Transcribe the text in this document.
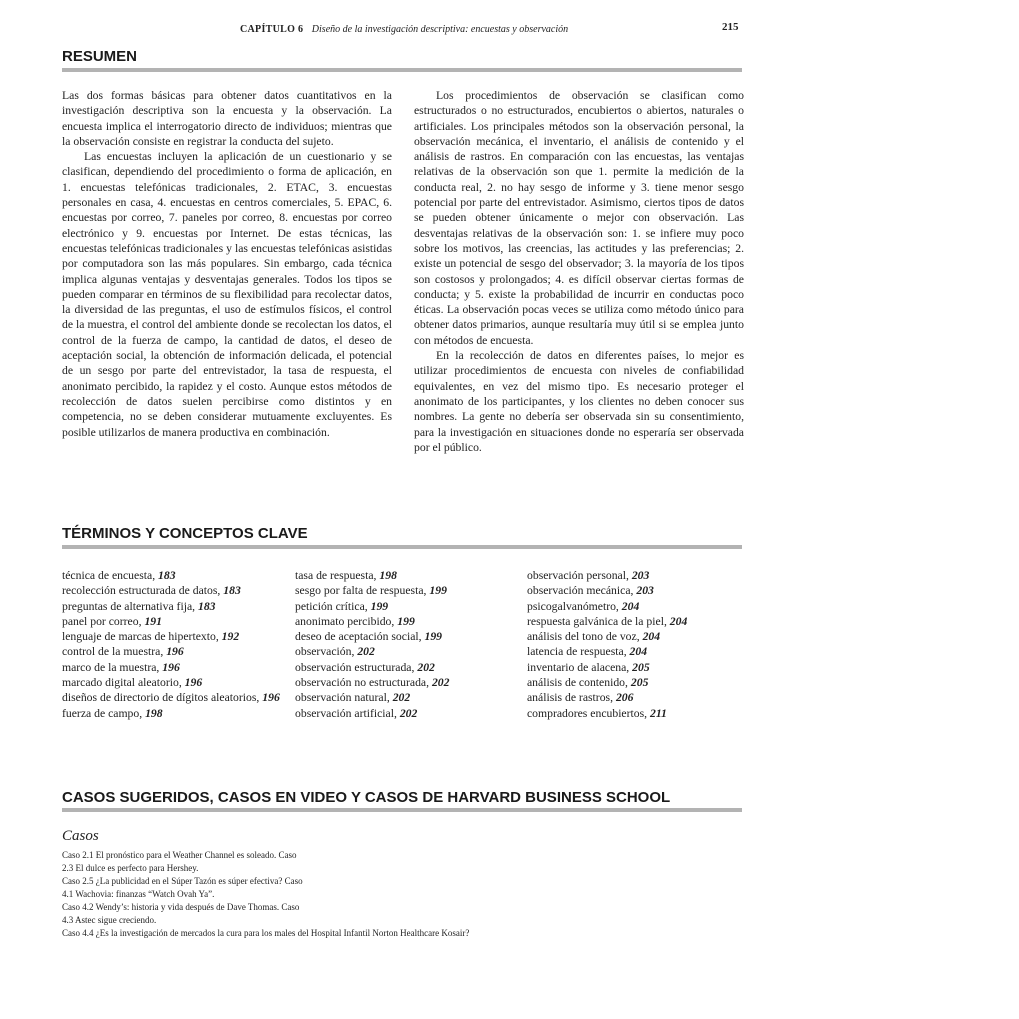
CAPÍTULO 6 Diseño de la investigación descriptiva: encuestas y observación	215
RESUMEN

Las dos formas básicas para obtener datos cuantitativos en la investigación descriptiva son la encuesta y la observación. La encuesta implica el interrogatorio directo de individuos; mientras que la observación consiste en registrar la conducta del sujeto.

Las encuestas incluyen la aplicación de un cuestionario y se clasifican, dependiendo del procedimiento o forma de aplicación, en 1. encuestas telefónicas tradicionales, 2. ETAC, 3. encuestas personales en casa, 4. encuestas en centros comerciales, 5. EPAC, 6. encuestas por correo, 7. paneles por correo, 8. encuestas por correo electrónico y 9. encuestas por Internet. De estas técnicas, las encuestas telefónicas tradicionales y las encuestas telefónicas asistidas por computadora son las más populares. Sin embargo, cada técnica implica algunas ventajas y desventajas generales. Todos los tipos se pueden comparar en términos de su flexibilidad para recolectar datos, la diversidad de las preguntas, el uso de estímulos físicos, el control de la muestra, el control del ambiente donde se recolectan los datos, el control de la fuerza de campo, la cantidad de datos, el deseo de aceptación social, la obtención de información delicada, el potencial de un sesgo por parte del entrevistador, la tasa de respuesta, el anonimato percibido, la rapidez y el costo. Aunque estos métodos de recolección de datos suelen percibirse como distintos y en competencia, no se deben considerar mutuamente excluyentes. Es posible utilizarlos de manera productiva en combinación.

Los procedimientos de observación se clasifican como estructurados o no estructurados, encubiertos o abiertos, naturales o artificiales. Los principales métodos son la observación personal, la observación mecánica, el inventario, el análisis de contenido y el análisis de rastros. En comparación con las encuestas, las ventajas relativas de la observación son que 1. permite la medición de la conducta real, 2. no hay sesgo de informe y 3. tiene menor sesgo potencial por parte del entrevistador. Asimismo, ciertos tipos de datos se pueden obtener únicamente o mejor con observación. Las desventajas relativas de la observación son: 1. se infiere muy poco sobre los motivos, las creencias, las actitudes y las preferencias; 2. existe un potencial de sesgo del observador; 3. la mayoría de los tipos son costosos y prolongados; 4. es difícil observar ciertas formas de conducta; y 5. existe la probabilidad de incurrir en conductas poco éticas. La observación pocas veces se utiliza como método único para obtener datos primarios, aunque resultaría muy útil si se emplea junto con métodos de encuesta.

En la recolección de datos en diferentes países, lo mejor es utilizar procedimientos de encuesta con niveles de confiabilidad equivalentes, en vez del mismo tipo. Es necesario proteger el anonimato de los participantes, y los clientes no deben conocer sus nombres. La gente no debería ser observada sin su consentimiento, para la investigación en situaciones donde no esperaría ser observada por el público.

TÉRMINOS Y CONCEPTOS CLAVE
técnica de encuesta, 183
recolección estructurada de datos, 183
preguntas de alternativa fija, 183
panel por correo, 191
lenguaje de marcas de hipertexto, 192
control de la muestra, 196
marco de la muestra, 196
marcado digital aleatorio, 196
diseños de directorio de dígitos aleatorios, 196
fuerza de campo, 198
tasa de respuesta, 198
sesgo por falta de respuesta, 199
petición crítica, 199
anonimato percibido, 199
deseo de aceptación social, 199
observación, 202
observación estructurada, 202
observación no estructurada, 202
observación natural, 202
observación artificial, 202
observación personal, 203
observación mecánica, 203
psicogalvanómetro, 204
respuesta galvánica de la piel, 204
análisis del tono de voz, 204
latencia de respuesta, 204
inventario de alacena, 205
análisis de contenido, 205
análisis de rastros, 206
compradores encubiertos, 211
CASOS SUGERIDOS, CASOS EN VIDEO Y CASOS DE HARVARD BUSINESS SCHOOL
Casos
Caso 2.1 El pronóstico para el Weather Channel es soleado. Caso
2.3 El dulce es perfecto para Hershey.
Caso 2.5 ¿La publicidad en el Súper Tazón es súper efectiva? Caso
4.1 Wachovia: finanzas “Watch Ovah Ya”.
Caso 4.2 Wendy’s: historia y vida después de Dave Thomas. Caso
4.3 Astec sigue creciendo.
Caso 4.4 ¿Es la investigación de mercados la cura para los males del Hospital Infantil Norton Healthcare Kosair?
